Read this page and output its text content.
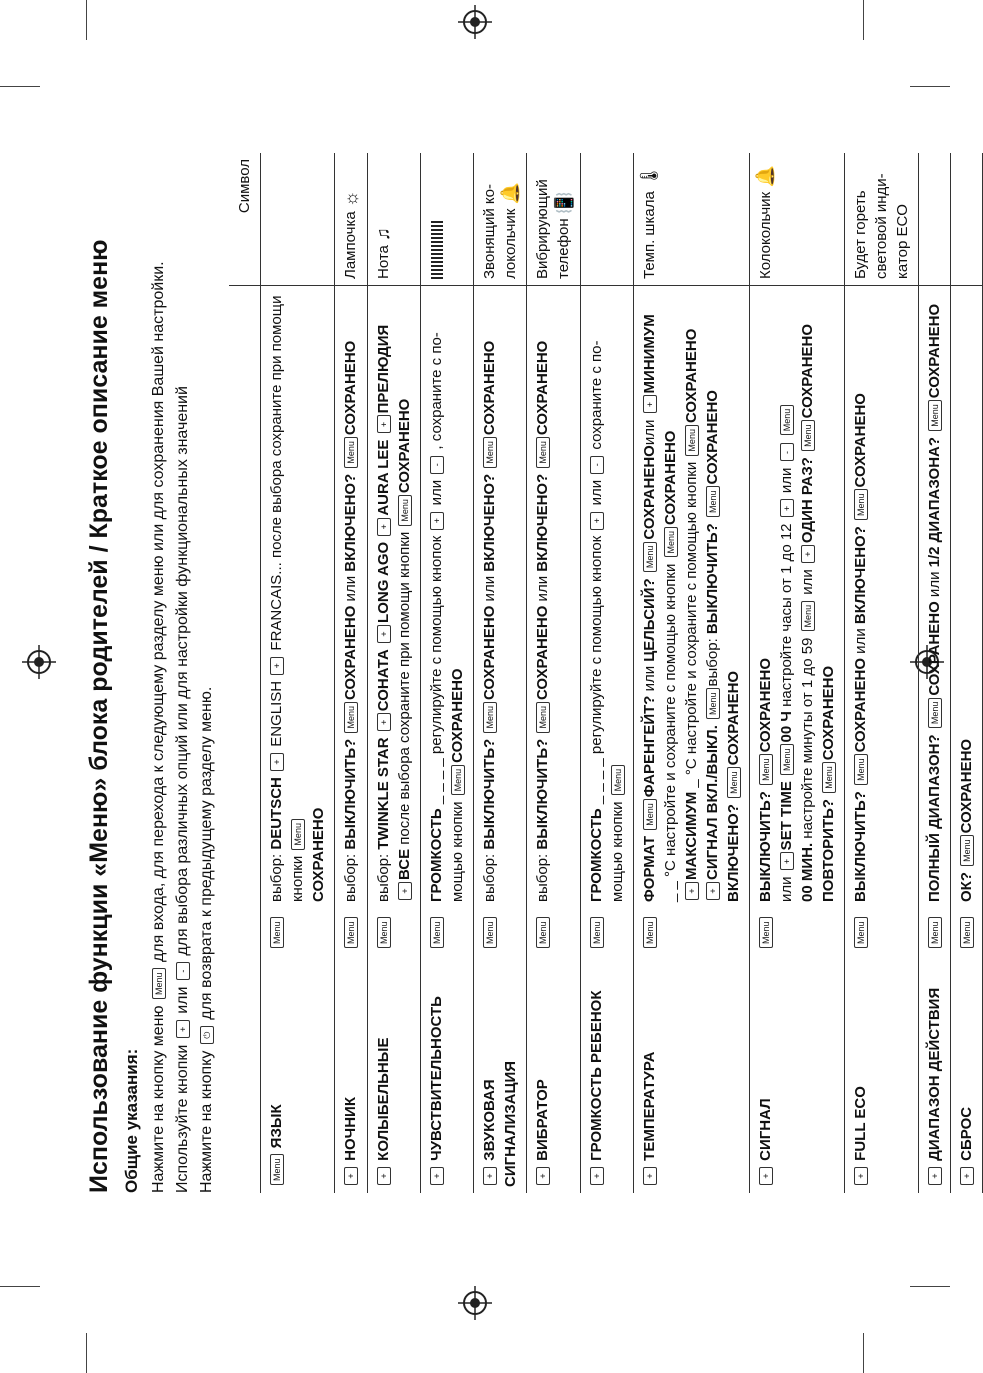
Использование функции «Меню» блока родителей / Краткое описание меню Общие указания: Нажмите на кнопку меню Menu для входа, для перехода к следующему разделу меню или для сохранения Вашей настройки.
Используйте кнопки + или - для выбора различных опций или для настройки функциональных значений
Нажмите на кнопку ⏻ для возврата к предыдущему разделу меню.
			Символ
Menu ЯЗЫК	Menu	выбор: DEUTSCH + ENGLISH + FRANCAIS... после выбора сохраните при помощи кнопки Menu СОХРАНЕНО	
+ НОЧНИК	Menu	выбор: ВЫКЛЮЧИТЬ? MenuСОХРАНЕНО или ВКЛЮЧЕНО? MenuСОХРАНЕНО	Лампочка ☼
+ КОЛЫБЕЛЬНЫЕ	Menu	выбор: TWINKLE STAR +СОНАТА +LONG AGO +AURA LEE +ПРЕЛЮДИЯ
+ВСЕ после выбора сохраните при помощи кнопки MenuСОХРАНЕНО	Нота ♫
+ ЧУВСТВИТЕЛЬНОСТЬ	Menu	ГРОМКОСТЬ _ _ _ _ регулируйте с помощью кнопок + или - , сохраните с по-мощью кнопки MenuСОХРАНЕНО	
+ ЗВУКОВАЯ СИГНАЛИЗАЦИЯ	Menu	выбор: ВЫКЛЮЧИТЬ? MenuСОХРАНЕНО или ВКЛЮЧЕНО? MenuСОХРАНЕНО	Звонящий ко-локольчик 🔔
+ ВИБРАТОР	Menu	выбор: ВЫКЛЮЧИТЬ? MenuСОХРАНЕНО или ВКЛЮЧЕНО? MenuСОХРАНЕНО	Вибрирующий телефон 📳
+ ГРОМКОСТЬ РЕБЕНОК	Menu	ГРОМКОСТЬ _ _ _ _ регулируйте с помощью кнопок + или - сохраните с по-мощью кнопки Menu	
+ ТЕМПЕРАТУРА	Menu	ФОРМАТ MenuФАРЕНГЕЙТ? или ЦЕЛЬСИЙ? MenuСОХРАНЕНОили +МИНИМУМ
_ _ °C настройте и сохраните с помощью кнопки MenuСОХРАНЕНО
+МАКСИМУМ _ °C настройте и сохраните с помощью кнопки MenuСОХРАНЕНО
+СИГНАЛ ВКЛ./ВЫКЛ. Menuвыбор: ВЫКЛЮЧИТЬ? MenuСОХРАНЕНО
ВКЛЮЧЕНО? MenuСОХРАНЕНО	Темп. шкала 🌡
+ СИГНАЛ	Menu	ВЫКЛЮЧИТЬ? MenuСОХРАНЕНО
или +SET TIME Menu00 Ч настройте часы от 1 до 12 + или - Menu
00 МИН. настройте минуты от 1 до 59 Menu или +ОДИН РАЗ? MenuСОХРАНЕНО
ПОВТОРИТЬ? MenuСОХРАНЕНО	Колокольчик 🔔
+ FULL ECO	Menu	ВЫКЛЮЧИТЬ? MenuСОХРАНЕНО или ВКЛЮЧЕНО? MenuСОХРАНЕНО	Будет гореть световой инди-катор ECO
+ ДИАПАЗОН ДЕЙСТВИЯ	Menu	ПОЛНЫЙ ДИАПАЗОН? MenuСОХРАНЕНО или 1/2 ДИАПАЗОНА? MenuСОХРАНЕНО	
+ СБРОС	Menu	ОК? MenuСОХРАНЕНО	
